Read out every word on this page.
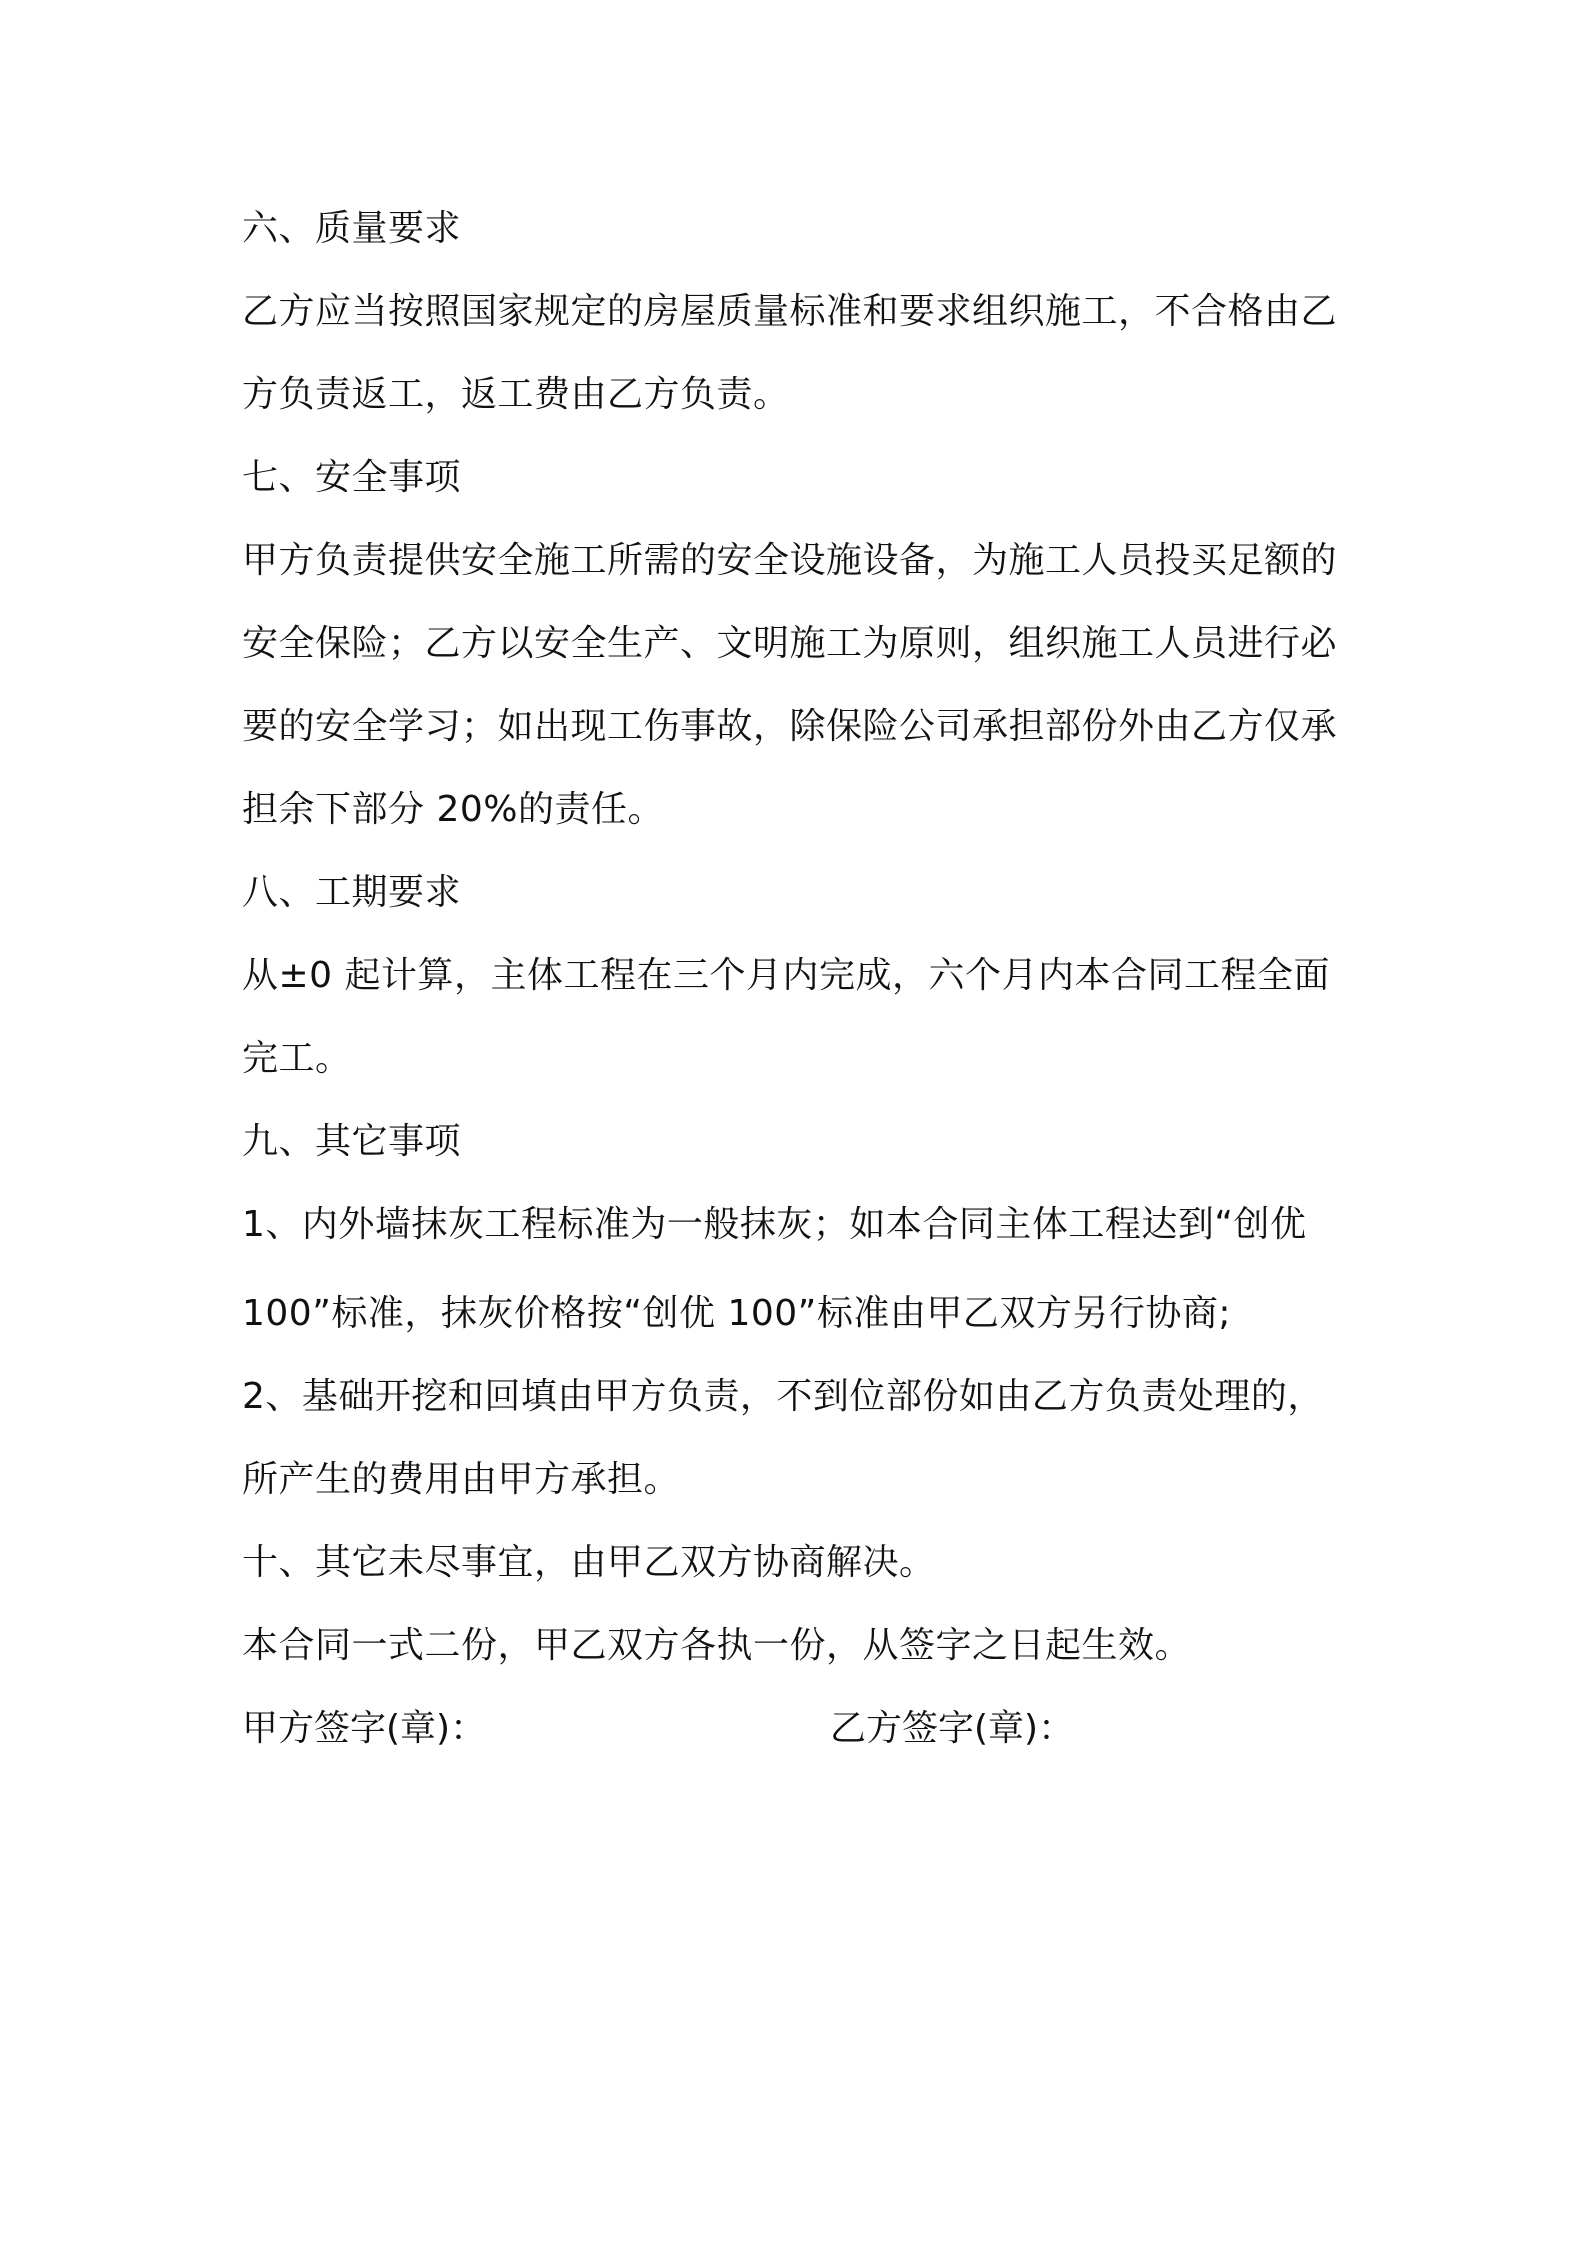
六、质量要求
乙方应当按照国家规定的房屋质量标准和要求组织施工，不合格由乙
方负责返工，返工费由乙方负责。
七、安全事项
甲方负责提供安全施工所需的安全设施设备，为施工人员投买足额的
安全保险；乙方以安全生产、文明施工为原则，组织施工人员进行必
要的安全学习；如出现工伤事故，除保险公司承担部份外由乙方仅承
担余下部分 20%的责任。
八、工期要求
从±0 起计算，主体工程在三个月内完成，六个月内本合同工程全面
完工。
九、其它事项
1、内外墙抹灰工程标准为一般抹灰；如本合同主体工程达到“创优
100”标准，抹灰价格按“创优 100”标准由甲乙双方另行协商;
2、基础开挖和回填由甲方负责，不到位部份如由乙方负责处理的，
所产生的费用由甲方承担。
十、其它未尽事宜，由甲乙双方协商解决。
本合同一式二份，甲乙双方各执一份，从签字之日起生效。
甲方签字(章)：	乙方签字(章)：
